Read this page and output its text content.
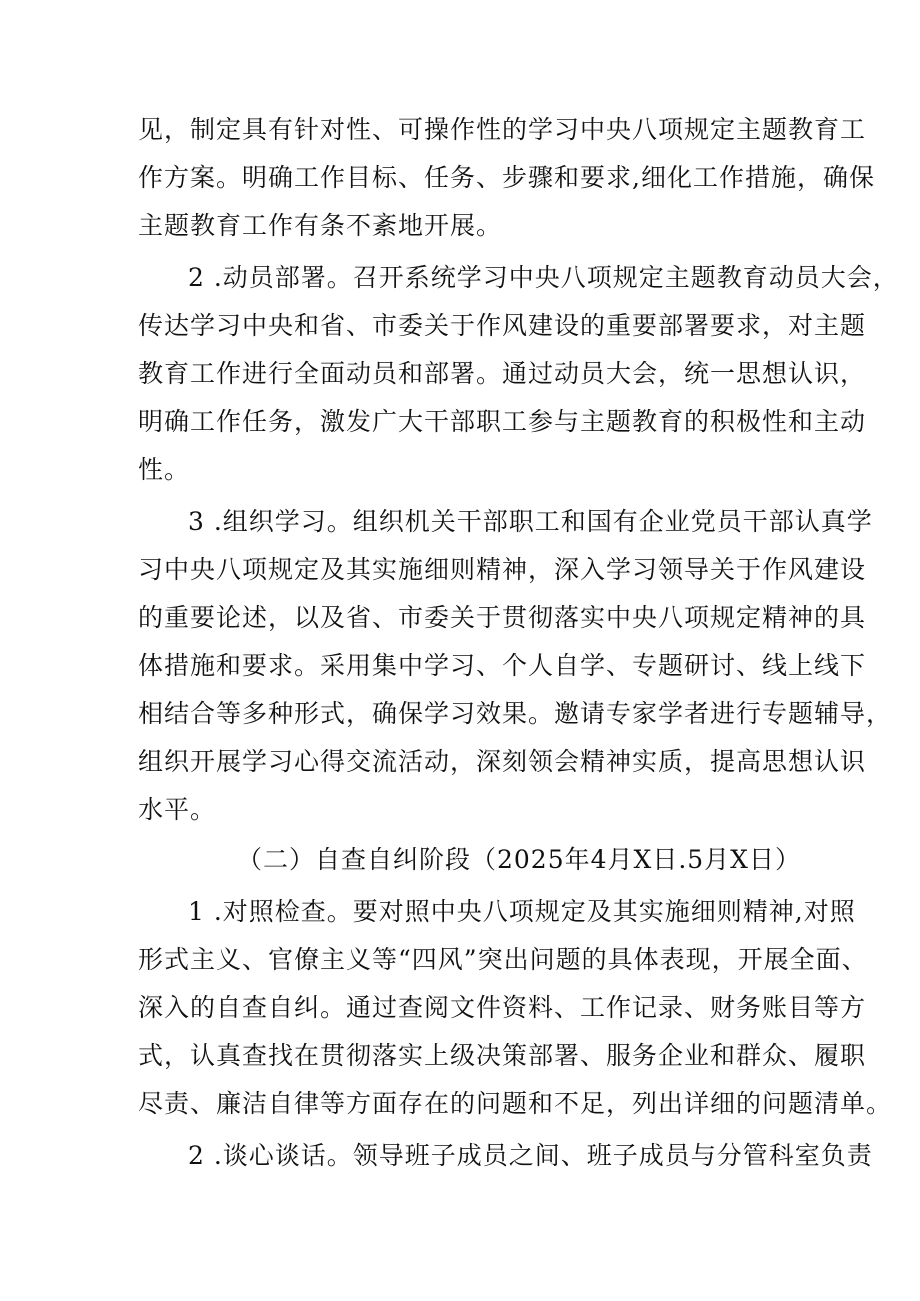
见，制定具有针对性、可操作性的学习中央八项规定主题教育工
作方案。明确工作目标、任务、步骤和要求,细化工作措施，确保
主题教育工作有条不紊地开展。
2 .动员部署。召开系统学习中央八项规定主题教育动员大会，
传达学习中央和省、市委关于作风建设的重要部署要求，对主题
教育工作进行全面动员和部署。通过动员大会，统一思想认识，
明确工作任务，激发广大干部职工参与主题教育的积极性和主动
性。
3 .组织学习。组织机关干部职工和国有企业党员干部认真学
习中央八项规定及其实施细则精神，深入学习领导关于作风建设
的重要论述，以及省、市委关于贯彻落实中央八项规定精神的具
体措施和要求。采用集中学习、个人自学、专题研讨、线上线下
相结合等多种形式，确保学习效果。邀请专家学者进行专题辅导，
组织开展学习心得交流活动，深刻领会精神实质，提高思想认识
水平。
（二）自查自纠阶段（2025年4月X日.5月X日）
1 .对照检查。要对照中央八项规定及其实施细则精神,对照
形式主义、官僚主义等“四风”突出问题的具体表现，开展全面、
深入的自查自纠。通过查阅文件资料、工作记录、财务账目等方
式，认真查找在贯彻落实上级决策部署、服务企业和群众、履职
尽责、廉洁自律等方面存在的问题和不足，列出详细的问题清单。
2 .谈心谈话。领导班子成员之间、班子成员与分管科室负责
